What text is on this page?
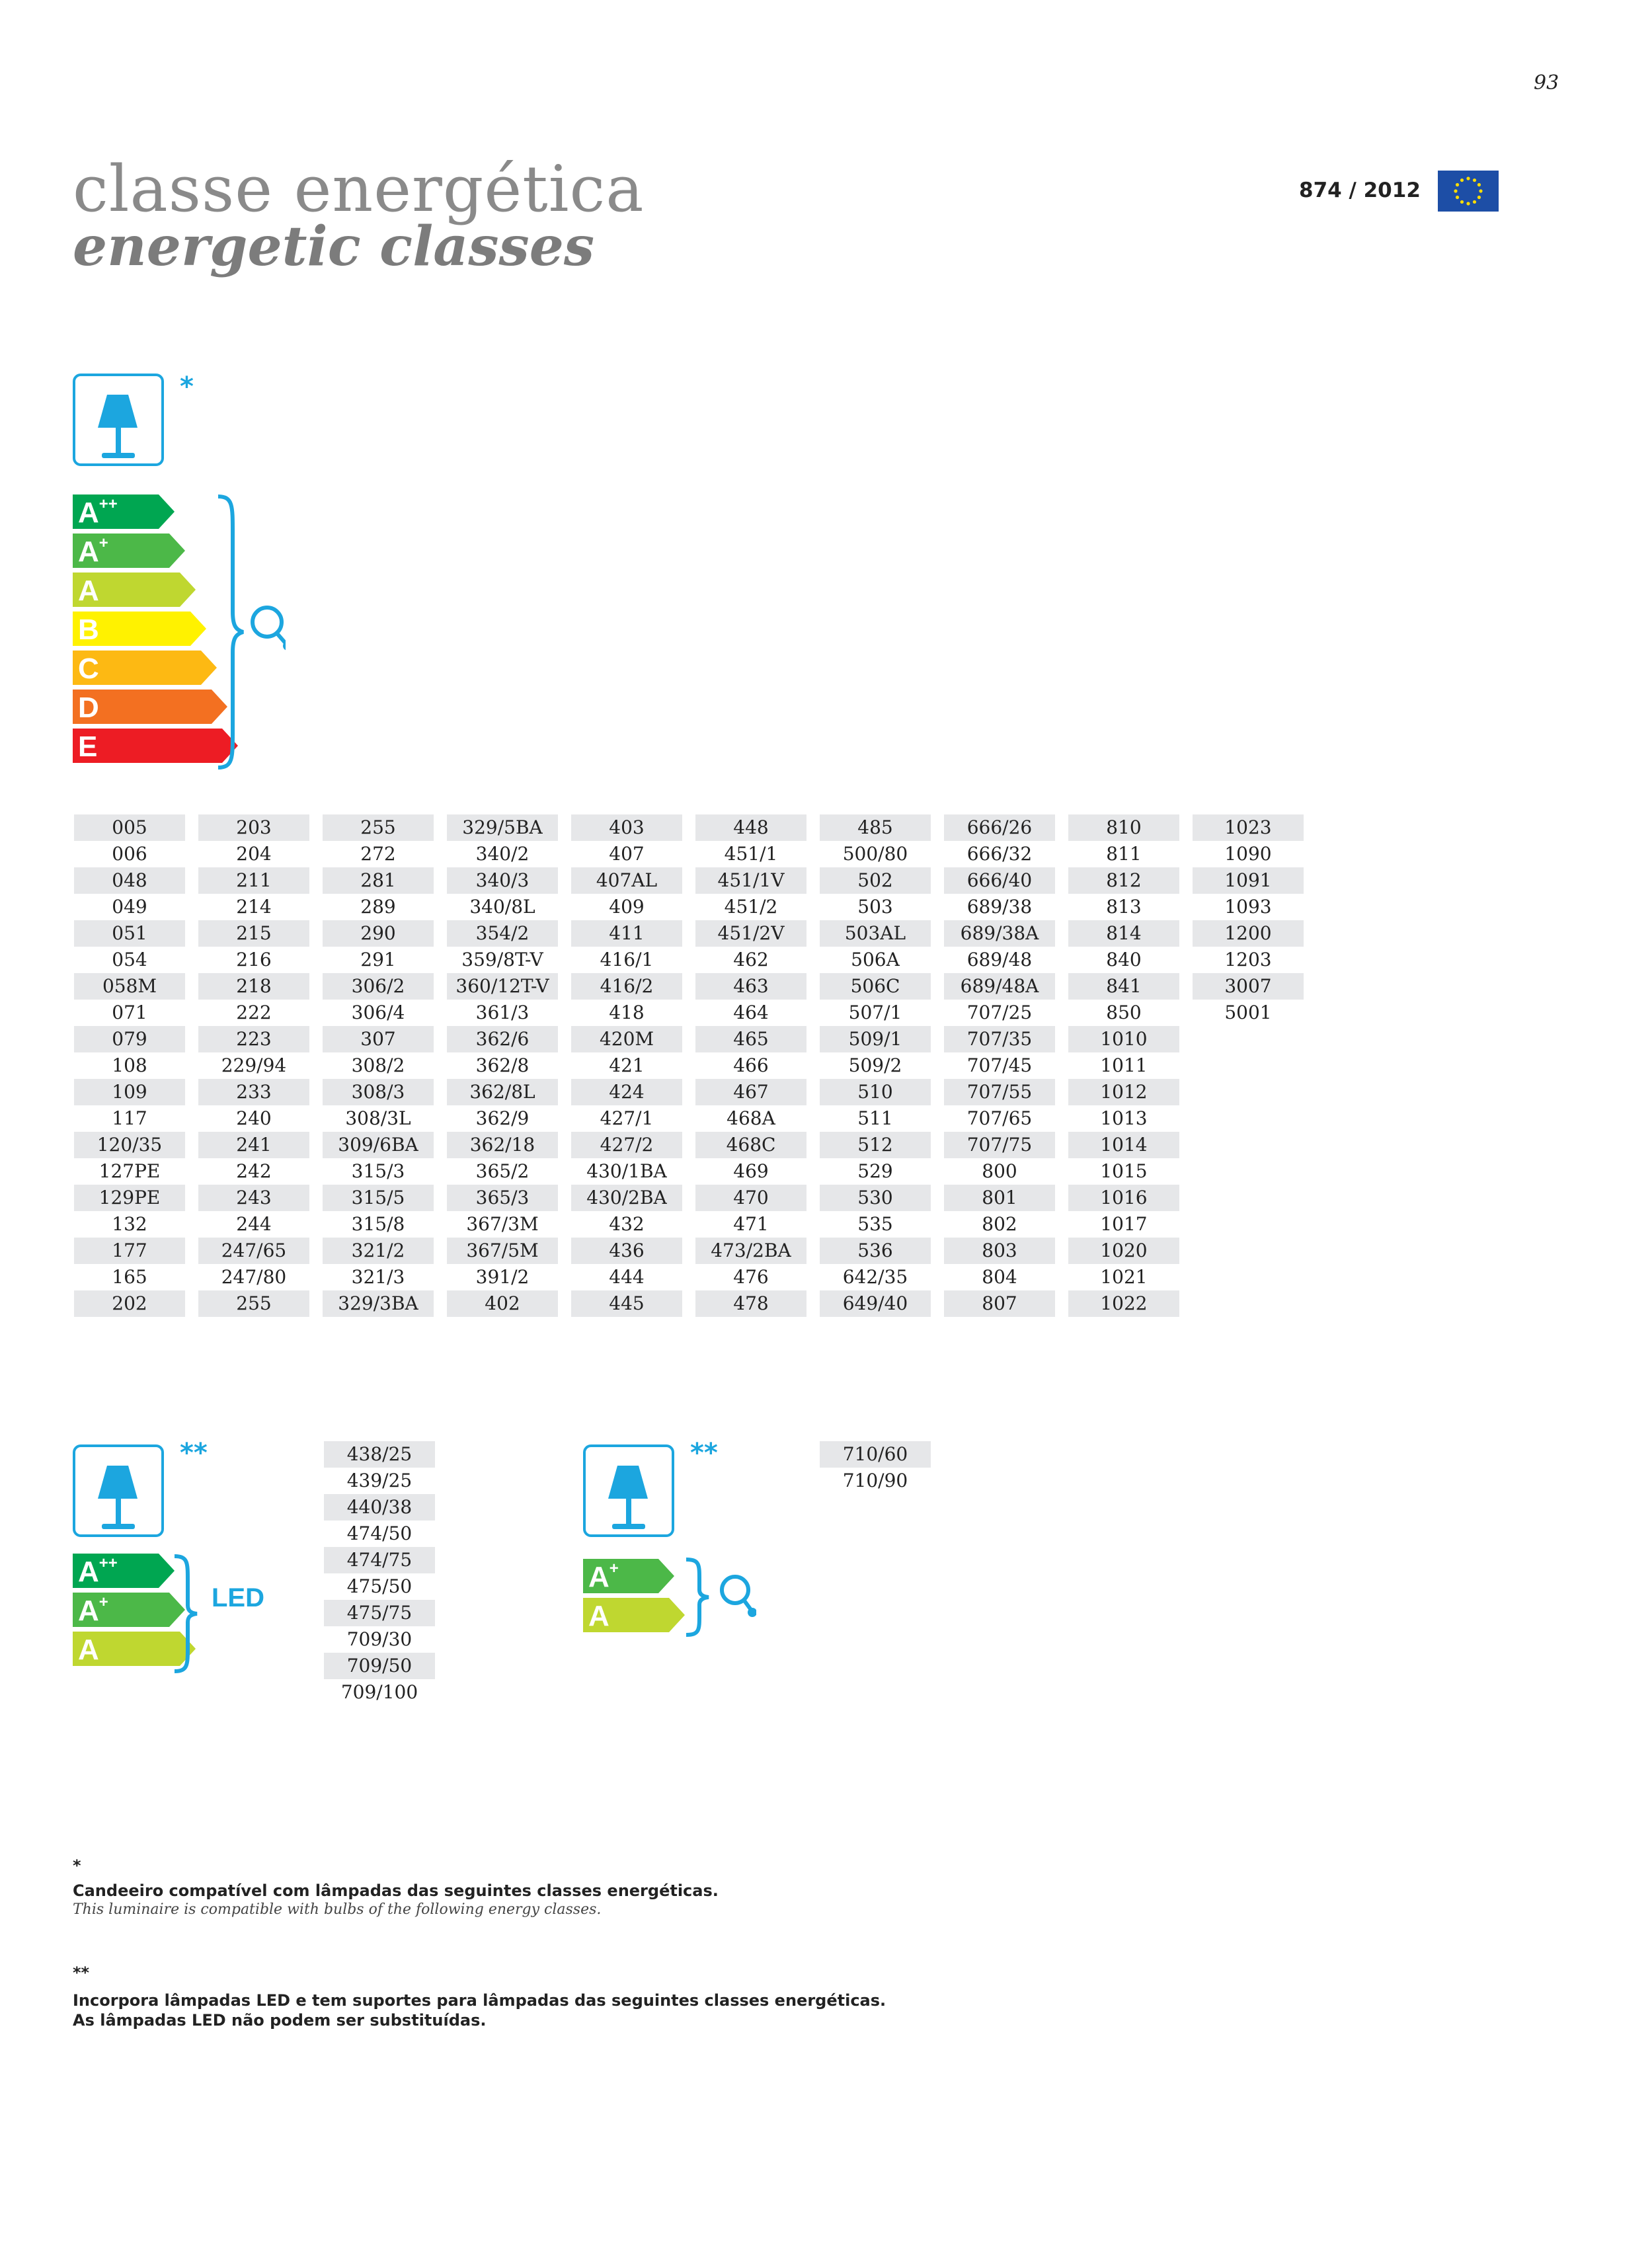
93
classe energética
energetic classes
874 / 2012
*
A++
A+
A
B
C
D
E
005
006
048
049
051
054
058M
071
079
108
109
117
120/35
127PE
129PE
132
177
165
202
203
204
211
214
215
216
218
222
223
229/94
233
240
241
242
243
244
247/65
247/80
255
255
272
281
289
290
291
306/2
306/4
307
308/2
308/3
308/3L
309/6BA
315/3
315/5
315/8
321/2
321/3
329/3BA
329/5BA
340/2
340/3
340/8L
354/2
359/8T-V
360/12T-V
361/3
362/6
362/8
362/8L
362/9
362/18
365/2
365/3
367/3M
367/5M
391/2
402
403
407
407AL
409
411
416/1
416/2
418
420M
421
424
427/1
427/2
430/1BA
430/2BA
432
436
444
445
448
451/1
451/1V
451/2
451/2V
462
463
464
465
466
467
468A
468C
469
470
471
473/2BA
476
478
485
500/80
502
503
503AL
506A
506C
507/1
509/1
509/2
510
511
512
529
530
535
536
642/35
649/40
666/26
666/32
666/40
689/38
689/38A
689/48
689/48A
707/25
707/35
707/45
707/55
707/65
707/75
800
801
802
803
804
807
810
811
812
813
814
840
841
850
1010
1011
1012
1013
1014
1015
1016
1017
1020
1021
1022
1023
1090
1091
1093
1200
1203
3007
5001
**
A++
A+
A
LED
438/25
439/25
440/38
474/50
474/75
475/50
475/75
709/30
709/50
709/100
**
A+
A
710/60
710/90
*
Candeeiro compatível com lâmpadas das seguintes classes energéticas.
This luminaire is compatible with bulbs of the following energy classes.
**
Incorpora lâmpadas LED e tem suportes para lâmpadas das seguintes classes energéticas.
As lâmpadas LED não podem ser substituídas.
